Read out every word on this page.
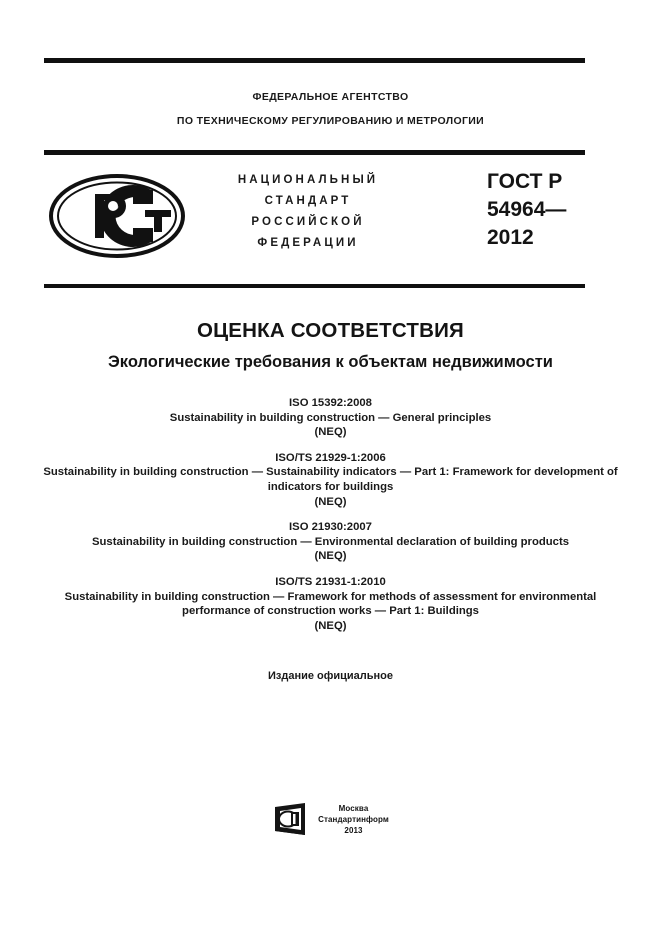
ФЕДЕРАЛЬНОЕ АГЕНТСТВО
ПО ТЕХНИЧЕСКОМУ РЕГУЛИРОВАНИЮ И МЕТРОЛОГИИ
НАЦИОНАЛЬНЫЙ
СТАНДАРТ
РОССИЙСКОЙ
ФЕДЕРАЦИИ
ГОСТ Р
54964—
2012
ОЦЕНКА СООТВЕТСТВИЯ
Экологические требования к объектам недвижимости
ISO 15392:2008
Sustainability in building construction — General principles
(NEQ)
ISO/TS 21929-1:2006
Sustainability in building construction — Sustainability indicators — Part 1: Framework for development of indicators for buildings
(NEQ)
ISO 21930:2007
Sustainability in building construction — Environmental declaration of building products
(NEQ)
ISO/TS 21931-1:2010
Sustainability in building construction — Framework for methods of assessment for environmental performance of construction works — Part 1: Buildings
(NEQ)
Издание официальное
Москва
Стандартинформ
2013
